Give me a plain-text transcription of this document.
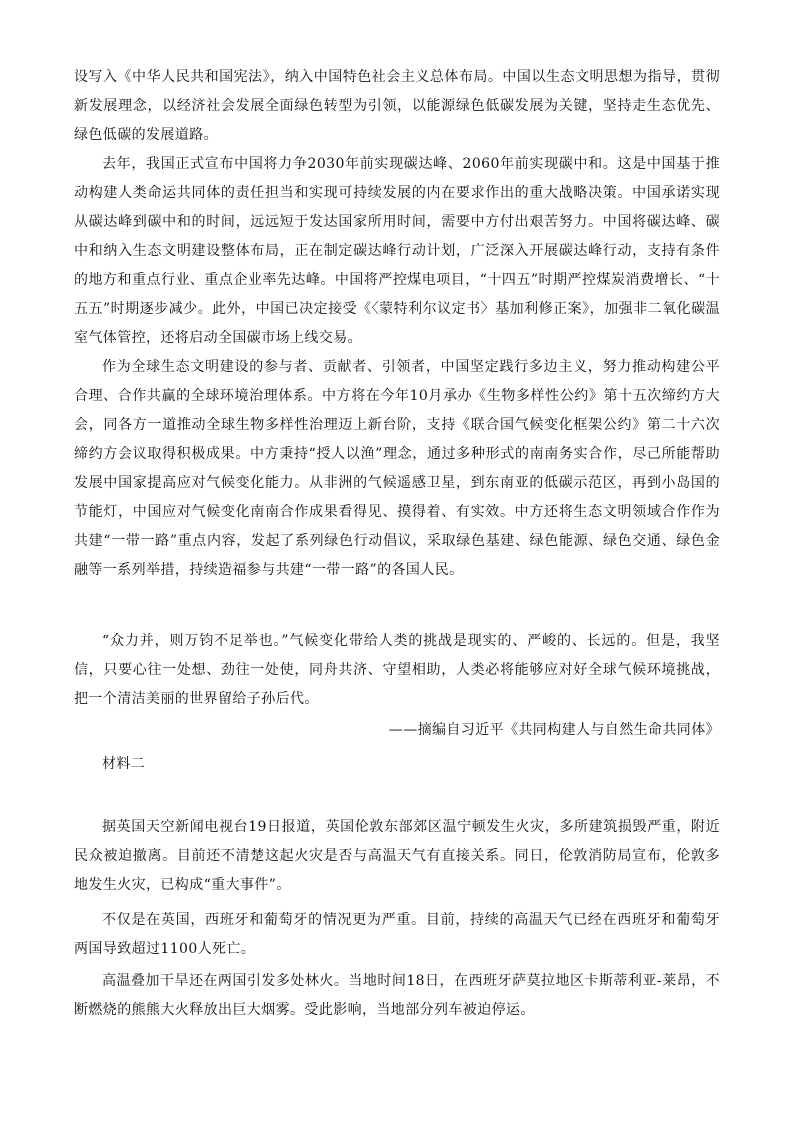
设写入《中华人民共和国宪法》，纳入中国特色社会主义总体布局。中国以生态文明思想为指导，贯彻新发展理念，以经济社会发展全面绿色转型为引领，以能源绿色低碳发展为关键，坚持走生态优先、绿色低碳的发展道路。

去年，我国正式宣布中国将力争2030年前实现碳达峰、2060年前实现碳中和。这是中国基于推动构建人类命运共同体的责任担当和实现可持续发展的内在要求作出的重大战略决策。中国承诺实现从碳达峰到碳中和的时间，远远短于发达国家所用时间，需要中方付出艰苦努力。中国将碳达峰、碳中和纳入生态文明建设整体布局，正在制定碳达峰行动计划，广泛深入开展碳达峰行动，支持有条件的地方和重点行业、重点企业率先达峰。中国将严控煤电项目，“十四五”时期严控煤炭消费增长、“十五五”时期逐步减少。此外，中国已决定接受《〈蒙特利尔议定书〉基加利修正案》，加强非二氧化碳温室气体管控，还将启动全国碳市场上线交易。

作为全球生态文明建设的参与者、贡献者、引领者，中国坚定践行多边主义，努力推动构建公平合理、合作共赢的全球环境治理体系。中方将在今年10月承办《生物多样性公约》第十五次缔约方大会，同各方一道推动全球生物多样性治理迈上新台阶，支持《联合国气候变化框架公约》第二十六次缔约方会议取得积极成果。中方秉持“授人以渔”理念，通过多种形式的南南务实合作，尽己所能帮助发展中国家提高应对气候变化能力。从非洲的气候遥感卫星，到东南亚的低碳示范区，再到小岛国的节能灯，中国应对气候变化南南合作成果看得见、摸得着、有实效。中方还将生态文明领域合作作为共建“一带一路”重点内容，发起了系列绿色行动倡议，采取绿色基建、绿色能源、绿色交通、绿色金融等一系列举措，持续造福参与共建“一带一路”的各国人民。

“众力并，则万钧不足举也。”气候变化带给人类的挑战是现实的、严峻的、长远的。但是，我坚信，只要心往一处想、劲往一处使，同舟共济、守望相助，人类必将能够应对好全球气候环境挑战，把一个清洁美丽的世界留给子孙后代。

——摘编自习近平《共同构建人与自然生命共同体》

材料二

据英国天空新闻电视台19日报道，英国伦敦东部郊区温宁顿发生火灾，多所建筑损毁严重，附近民众被迫撤离。目前还不清楚这起火灾是否与高温天气有直接关系。同日，伦敦消防局宣布，伦敦多地发生火灾，已构成“重大事件”。

不仅是在英国，西班牙和葡萄牙的情况更为严重。目前，持续的高温天气已经在西班牙和葡萄牙两国导致超过1100人死亡。

高温叠加干旱还在两国引发多处林火。当地时间18日，在西班牙萨莫拉地区卡斯蒂利亚-莱昂，不断燃烧的熊熊大火释放出巨大烟雾。受此影响，当地部分列车被迫停运。
